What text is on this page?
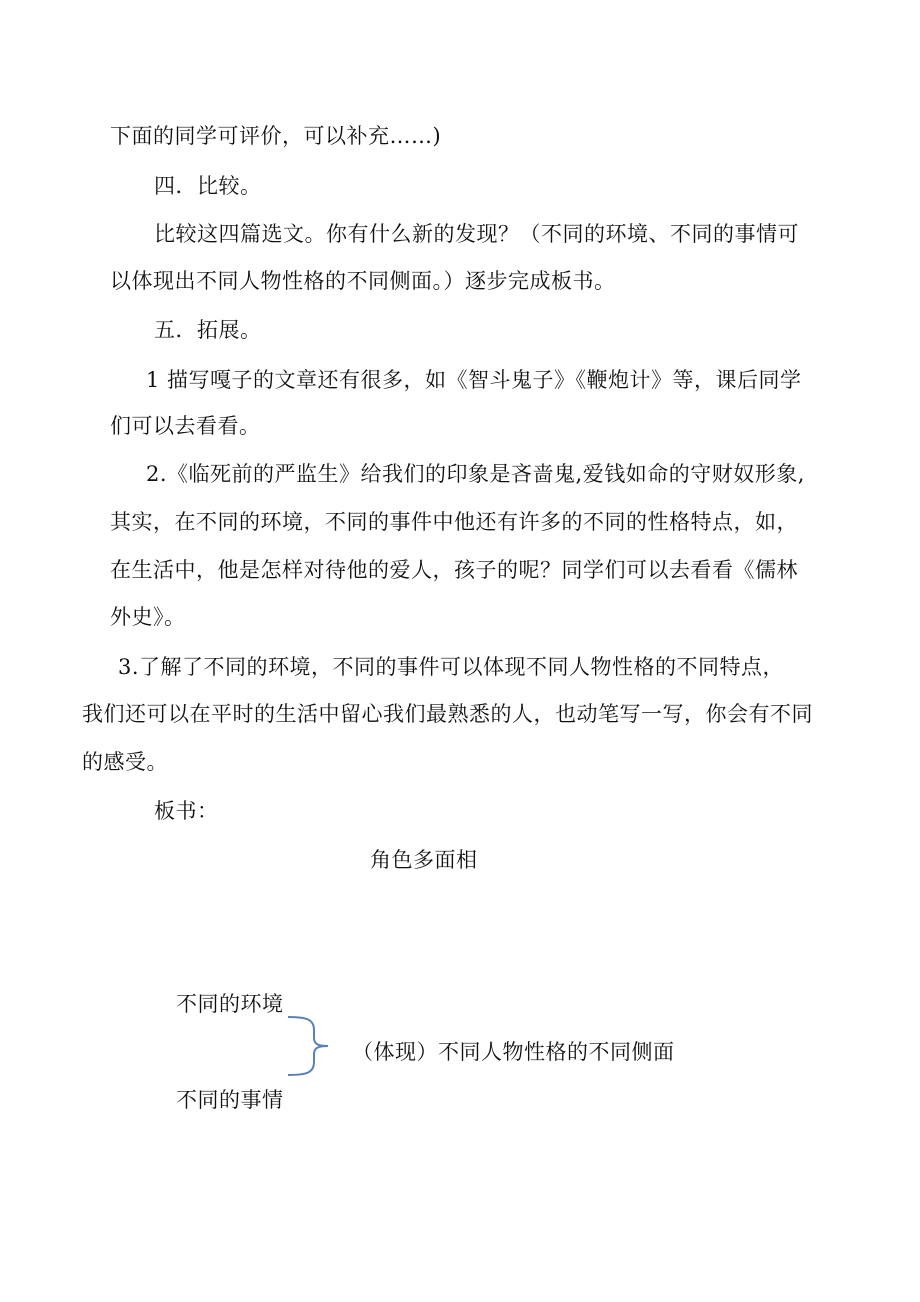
下面的同学可评价，可以补充……)
四．比较。
比较这四篇选文。你有什么新的发现？（不同的环境、不同的事情可
以体现出不同人物性格的不同侧面。）逐步完成板书。
五．拓展。
1 描写嘎子的文章还有很多，如《智斗鬼子》《鞭炮计》等，课后同学
们可以去看看。
2.《临死前的严监生》给我们的印象是吝啬鬼,爱钱如命的守财奴形象,
其实，在不同的环境，不同的事件中他还有许多的不同的性格特点，如，
在生活中，他是怎样对待他的爱人，孩子的呢？同学们可以去看看《儒林
外史》。
3.了解了不同的环境，不同的事件可以体现不同人物性格的不同特点，
我们还可以在平时的生活中留心我们最熟悉的人，也动笔写一写，你会有不同
的感受。
板书：
角色多面相
不同的环境
不同的事情
（体现）不同人物性格的不同侧面
